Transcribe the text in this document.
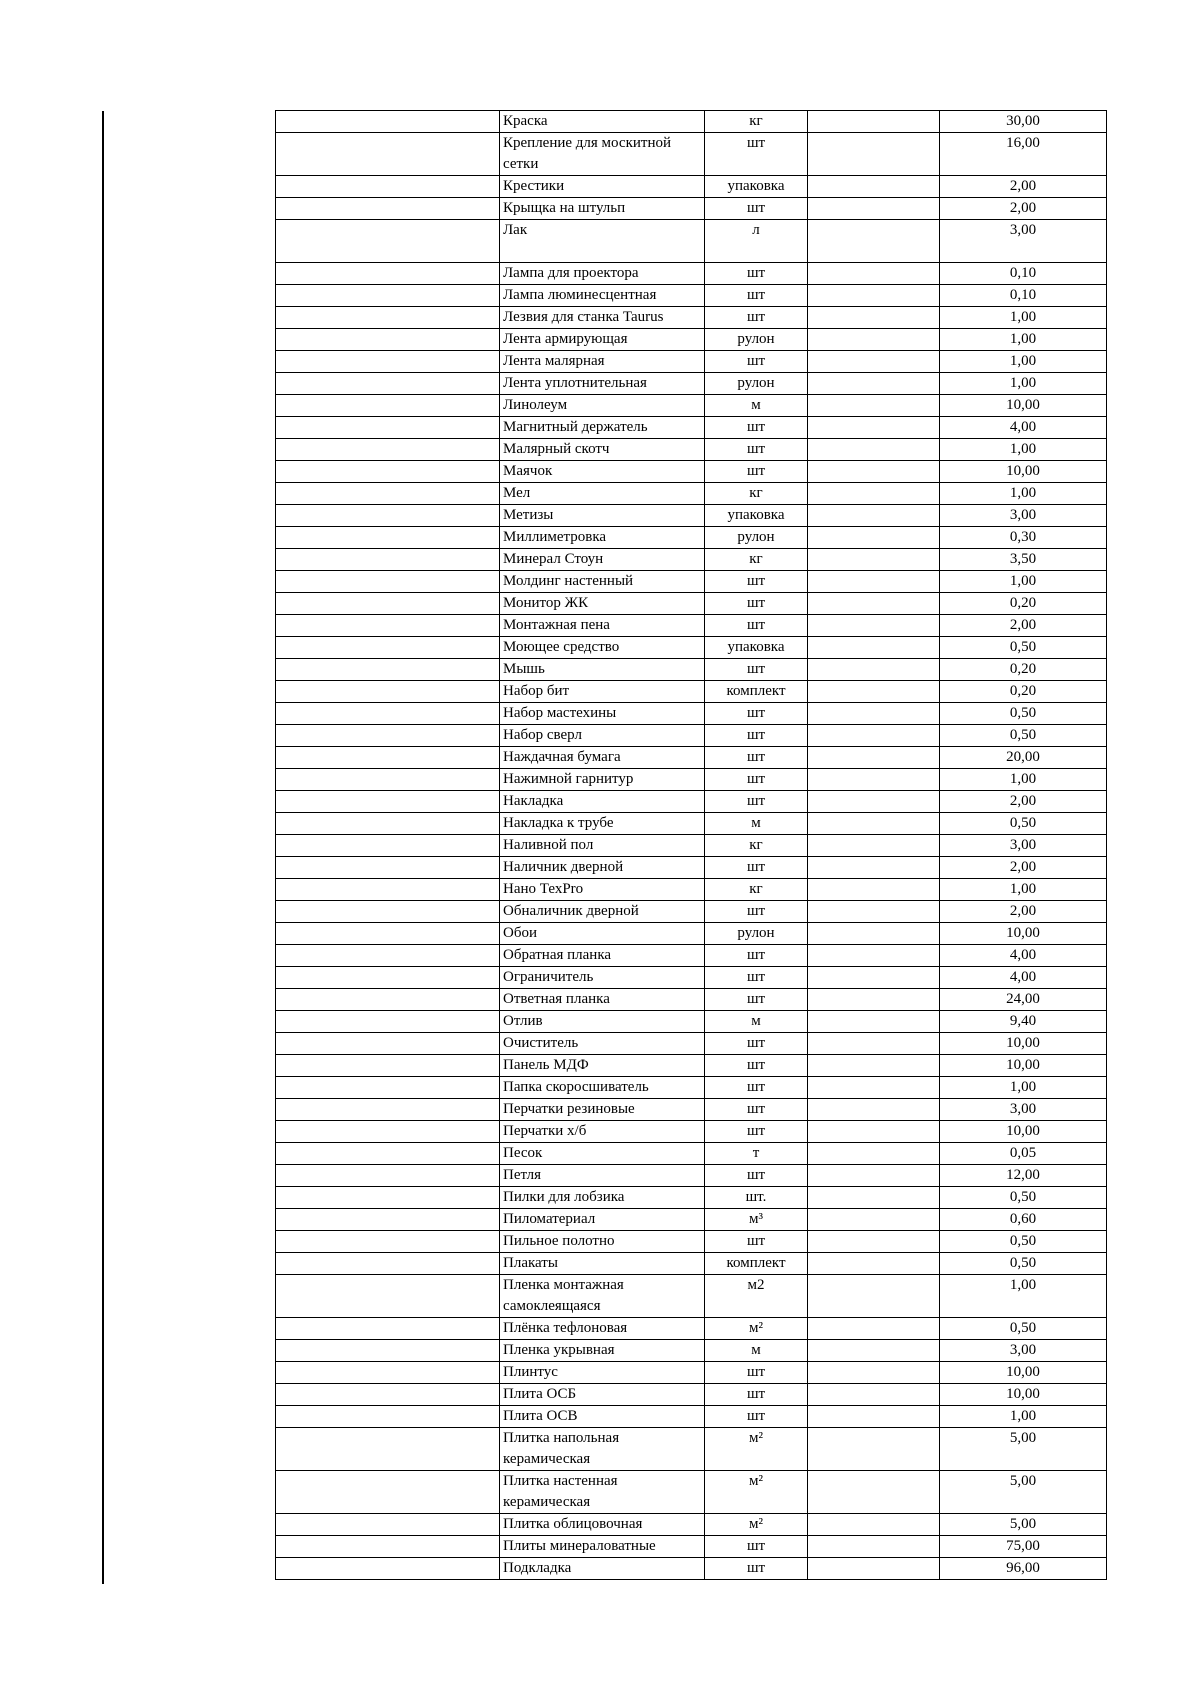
	Краска	кг		30,00
	Крепление для москитной сетки	шт		16,00
	Крестики	упаковка		2,00
	Крыщка на штульп	шт		2,00
	Лак	л		3,00
	Лампа для проектора	шт		0,10
	Лампа люминесцентная	шт		0,10
	Лезвия для станка Taurus	шт		1,00
	Лента армирующая	рулон		1,00
	Лента малярная	шт		1,00
	Лента уплотнительная	рулон		1,00
	Линолеум	м		10,00
	Магнитный держатель	шт		4,00
	Малярный скотч	шт		1,00
	Маячок	шт		10,00
	Мел	кг		1,00
	Метизы	упаковка		3,00
	Миллиметровка	рулон		0,30
	Минерал Стоун	кг		3,50
	Молдинг настенный	шт		1,00
	Монитор ЖК	шт		0,20
	Монтажная пена	шт		2,00
	Моющее средство	упаковка		0,50
	Мышь	шт		0,20
	Набор бит	комплект		0,20
	Набор мастехины	шт		0,50
	Набор сверл	шт		0,50
	Наждачная бумага	шт		20,00
	Нажимной гарнитур	шт		1,00
	Накладка	шт		2,00
	Накладка к трубе	м		0,50
	Наливной пол	кг		3,00
	Наличник дверной	шт		2,00
	Нано ТехPro	кг		1,00
	Обналичник дверной	шт		2,00
	Обои	рулон		10,00
	Обратная планка	шт		4,00
	Ограничитель	шт		4,00
	Ответная планка	шт		24,00
	Отлив	м		9,40
	Очиститель	шт		10,00
	Панель МДФ	шт		10,00
	Папка скоросшиватель	шт		1,00
	Перчатки резиновые	шт		3,00
	Перчатки х/б	шт		10,00
	Песок	т		0,05
	Петля	шт		12,00
	Пилки для лобзика	шт.		0,50
	Пиломатериал	м³		0,60
	Пильное полотно	шт		0,50
	Плакаты	комплект		0,50
	Пленка монтажная самоклеящаяся	м2		1,00
	Плёнка тефлоновая	м²		0,50
	Пленка укрывная	м		3,00
	Плинтус	шт		10,00
	Плита ОСБ	шт		10,00
	Плита ОСВ	шт		1,00
	Плитка напольная керамическая	м²		5,00
	Плитка настенная керамическая	м²		5,00
	Плитка облицовочная	м²		5,00
	Плиты минераловатные	шт		75,00
	Подкладка	шт		96,00
